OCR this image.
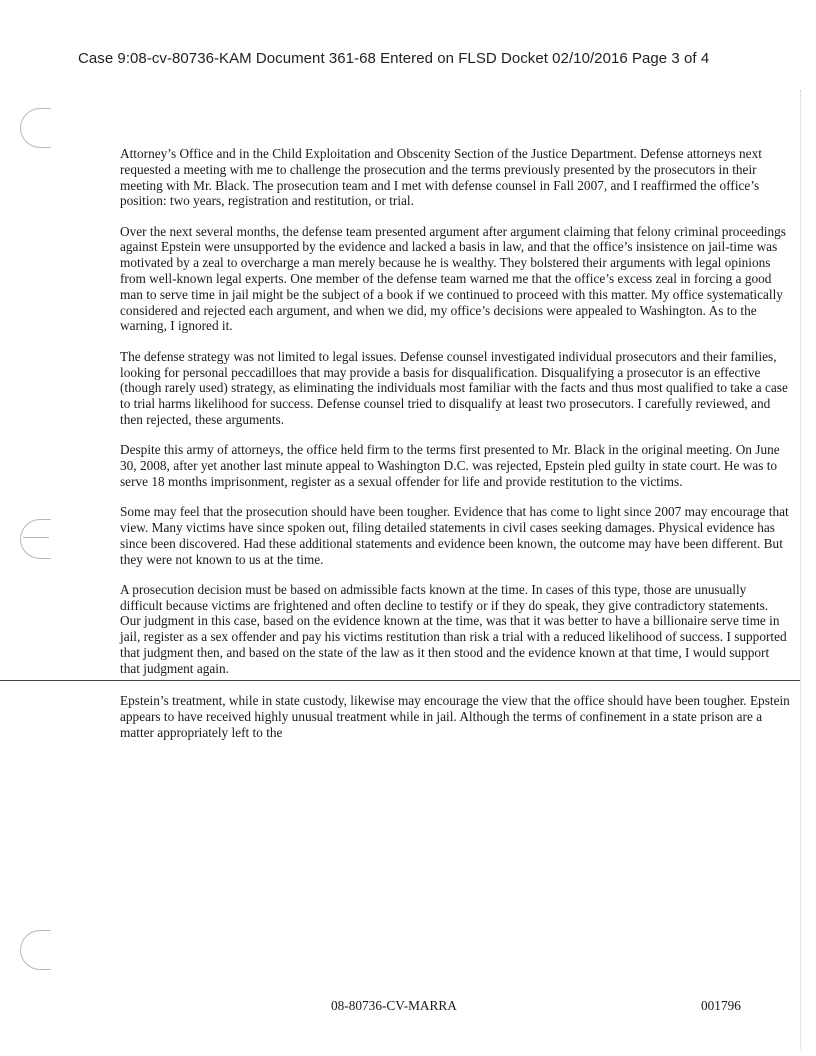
Case 9:08-cv-80736-KAM Document 361-68 Entered on FLSD Docket 02/10/2016 Page 3 of 4

Attorney’s Office and in the Child Exploitation and Obscenity Section of the Justice Department. Defense attorneys next requested a meeting with me to challenge the prosecution and the terms previously presented by the prosecutors in their meeting with Mr. Black. The prosecution team and I met with defense counsel in Fall 2007, and I reaffirmed the office’s position: two years, registration and restitution, or trial.

Over the next several months, the defense team presented argument after argument claiming that felony criminal proceedings against Epstein were unsupported by the evidence and lacked a basis in law, and that the office’s insistence on jail-time was motivated by a zeal to overcharge a man merely because he is wealthy. They bolstered their arguments with legal opinions from well-known legal experts. One member of the defense team warned me that the office’s excess zeal in forcing a good man to serve time in jail might be the subject of a book if we continued to proceed with this matter. My office systematically considered and rejected each argument, and when we did, my office’s decisions were appealed to Washington. As to the warning, I ignored it.

The defense strategy was not limited to legal issues. Defense counsel investigated individual prosecutors and their families, looking for personal peccadilloes that may provide a basis for disqualification. Disqualifying a prosecutor is an effective (though rarely used) strategy, as eliminating the individuals most familiar with the facts and thus most qualified to take a case to trial harms likelihood for success. Defense counsel tried to disqualify at least two prosecutors. I carefully reviewed, and then rejected, these arguments.

Despite this army of attorneys, the office held firm to the terms first presented to Mr. Black in the original meeting. On June 30, 2008, after yet another last minute appeal to Washington D.C. was rejected, Epstein pled guilty in state court. He was to serve 18 months imprisonment, register as a sexual offender for life and provide restitution to the victims.

Some may feel that the prosecution should have been tougher. Evidence that has come to light since 2007 may encourage that view. Many victims have since spoken out, filing detailed statements in civil cases seeking damages. Physical evidence has since been discovered. Had these additional statements and evidence been known, the outcome may have been different. But they were not known to us at the time.

A prosecution decision must be based on admissible facts known at the time. In cases of this type, those are unusually difficult because victims are frightened and often decline to testify or if they do speak, they give contradictory statements. Our judgment in this case, based on the evidence known at the time, was that it was better to have a billionaire serve time in jail, register as a sex offender and pay his victims restitution than risk a trial with a reduced likelihood of success. I supported that judgment then, and based on the state of the law as it then stood and the evidence known at that time, I would support that judgment again.

Epstein’s treatment, while in state custody, likewise may encourage the view that the office should have been tougher. Epstein appears to have received highly unusual treatment while in jail. Although the terms of confinement in a state prison are a matter appropriately left to the

08-80736-CV-MARRA	001796
